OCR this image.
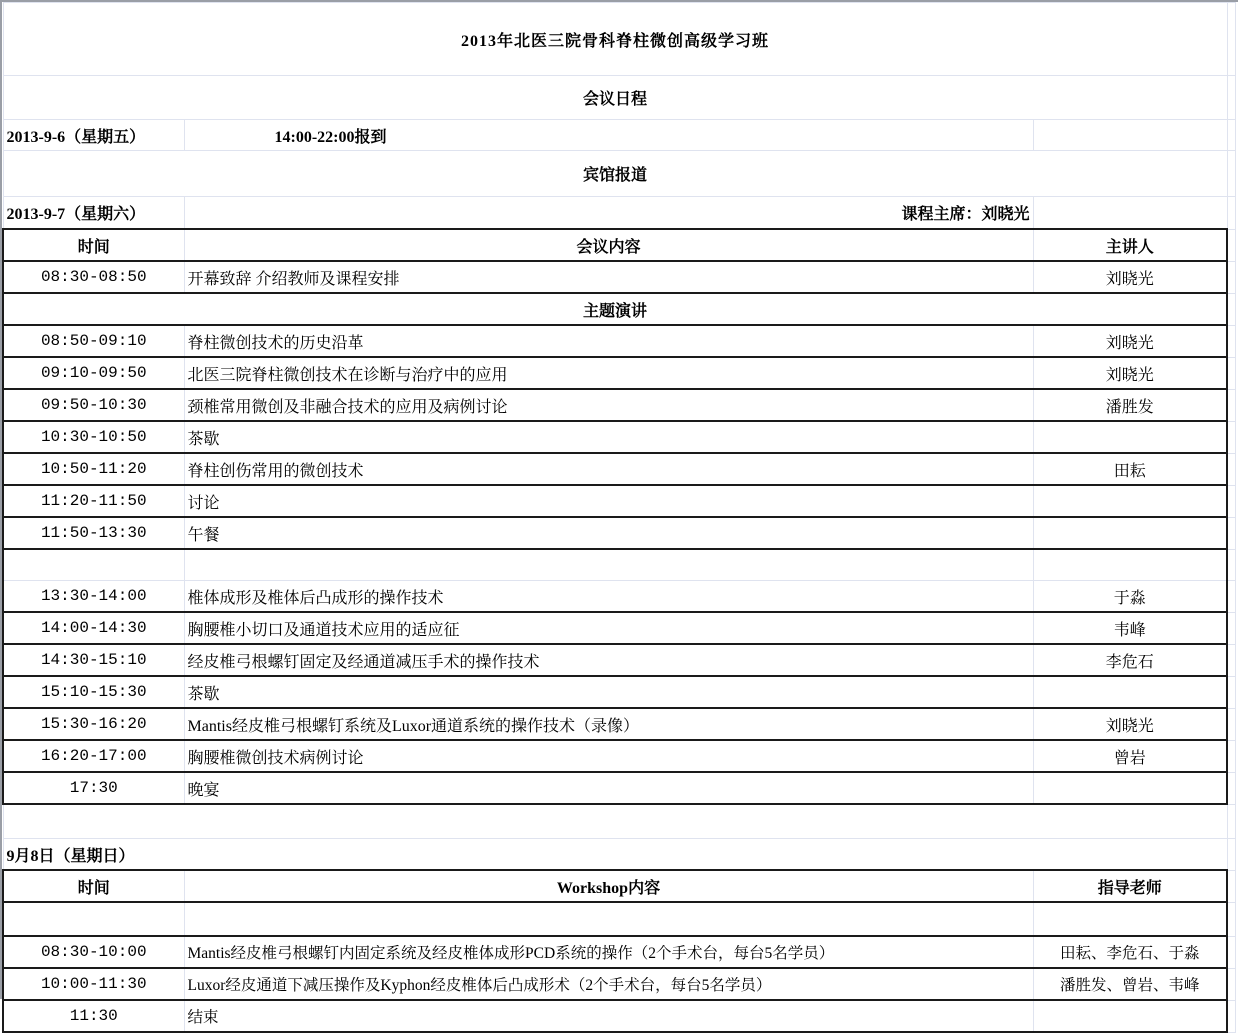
2013年北医三院骨科脊柱微创高级学习班			
会议日程			
2013-9-6（星期五）	14:00-22:00报到		
宾馆报道			
2013-9-7（星期六）	课程主席：刘晓光		
时间	会议内容	主讲人	
08:30-08:50	开幕致辞 介绍教师及课程安排	刘晓光	
主题演讲			
08:50-09:10	脊柱微创技术的历史沿革	刘晓光	
09:10-09:50	北医三院脊柱微创技术在诊断与治疗中的应用	刘晓光	
09:50-10:30	颈椎常用微创及非融合技术的应用及病例讨论	潘胜发	
10:30-10:50	茶歇		
10:50-11:20	脊柱创伤常用的微创技术	田耘	
11:20-11:50	讨论		
11:50-13:30	午餐		

13:30-14:00	椎体成形及椎体后凸成形的操作技术	于淼	
14:00-14:30	胸腰椎小切口及通道技术应用的适应征	韦峰	
14:30-15:10	经皮椎弓根螺钉固定及经通道减压手术的操作技术	李危石	
15:10-15:30	茶歇		
15:30-16:20	Mantis经皮椎弓根螺钉系统及Luxor通道系统的操作技术（录像）	刘晓光	
16:20-17:00	胸腰椎微创技术病例讨论	曾岩	
17:30	晚宴		

9月8日（星期日）			
时间	Workshop内容	指导老师	

08:30-10:00	Mantis经皮椎弓根螺钉内固定系统及经皮椎体成形PCD系统的操作（2个手术台，每台5名学员）	田耘、李危石、于淼	
10:00-11:30	Luxor经皮通道下减压操作及Kyphon经皮椎体后凸成形术（2个手术台，每台5名学员）	潘胜发、曾岩、韦峰	
11:30	结束		
